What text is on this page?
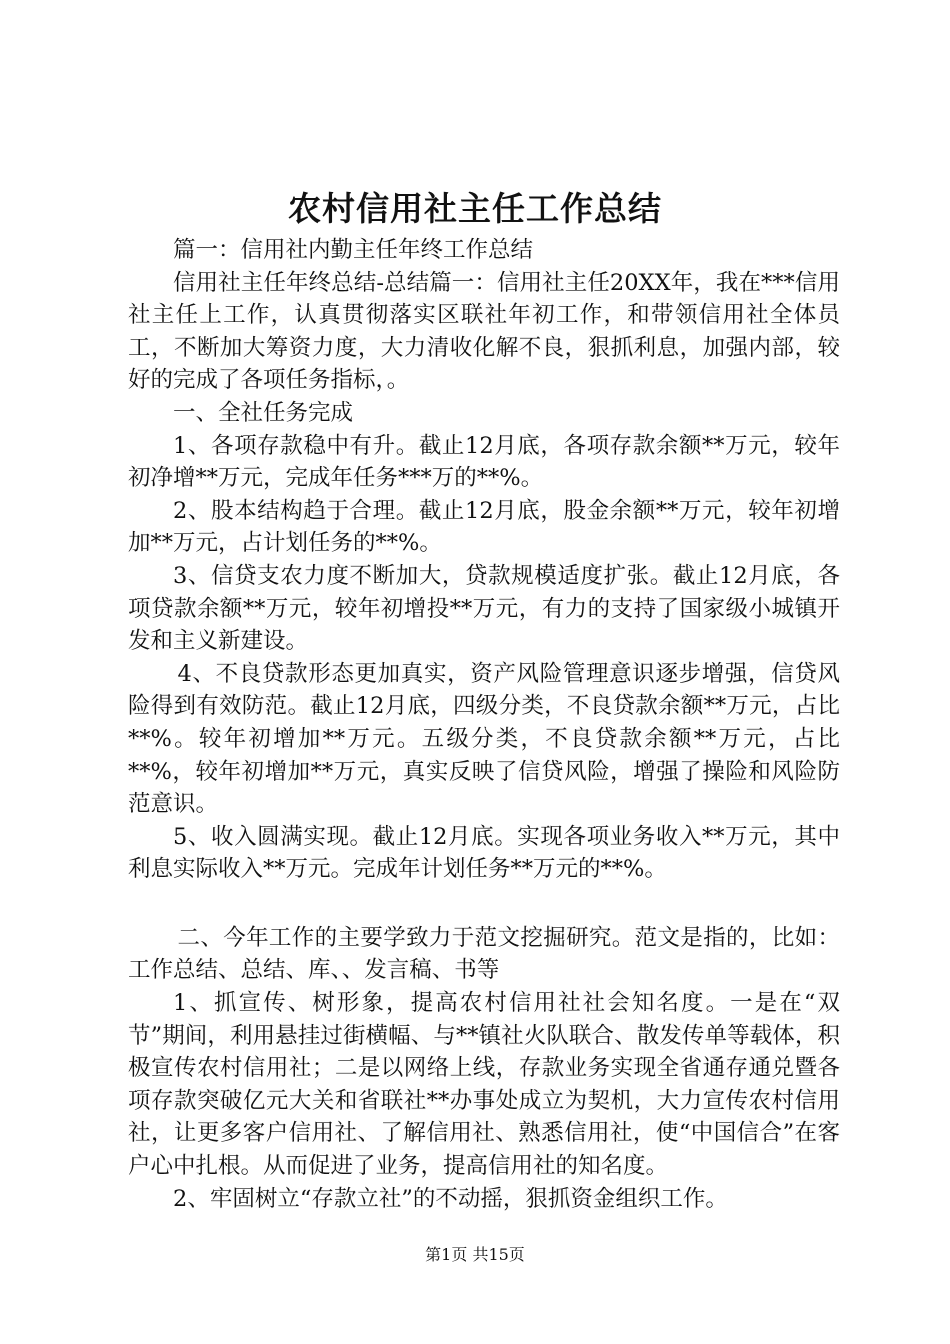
农村信用社主任工作总结

篇一：信用社内勤主任年终工作总结

信用社主任年终总结-总结篇一：信用社主任20XX年，我在***信用社主任上工作，认真贯彻落实区联社年初工作，和带领信用社全体员工，不断加大筹资力度，大力清收化解不良，狠抓利息，加强内部，较好的完成了各项任务指标，。

一、全社任务完成

1、各项存款稳中有升。截止12月底，各项存款余额**万元，较年初净增**万元，完成年任务***万的**%。

2、股本结构趋于合理。截止12月底，股金余额**万元，较年初增加**万元，占计划任务的**%。

3、信贷支农力度不断加大，贷款规模适度扩张。截止12月底，各项贷款余额**万元，较年初增投**万元，有力的支持了国家级小城镇开发和主义新建设。

4、不良贷款形态更加真实，资产风险管理意识逐步增强，信贷风险得到有效防范。截止12月底，四级分类，不良贷款余额**万元，占比**%。较年初增加**万元。五级分类，不良贷款余额**万元，占比**%，较年初增加**万元，真实反映了信贷风险，增强了操险和风险防范意识。

5、收入圆满实现。截止12月底。实现各项业务收入**万元，其中利息实际收入**万元。完成年计划任务**万元的**%。

二、今年工作的主要学致力于范文挖掘研究。范文是指的，比如：工作总结、总结、库、、发言稿、书等

1、抓宣传、树形象，提高农村信用社社会知名度。一是在“双节”期间，利用悬挂过街横幅、与**镇社火队联合、散发传单等载体，积极宣传农村信用社；二是以网络上线，存款业务实现全省通存通兑暨各项存款突破亿元大关和省联社**办事处成立为契机，大力宣传农村信用社，让更多客户信用社、了解信用社、熟悉信用社，使“中国信合”在客户心中扎根。从而促进了业务，提高信用社的知名度。

2、牢固树立“存款立社”的不动摇，狠抓资金组织工作。

第1页 共15页
